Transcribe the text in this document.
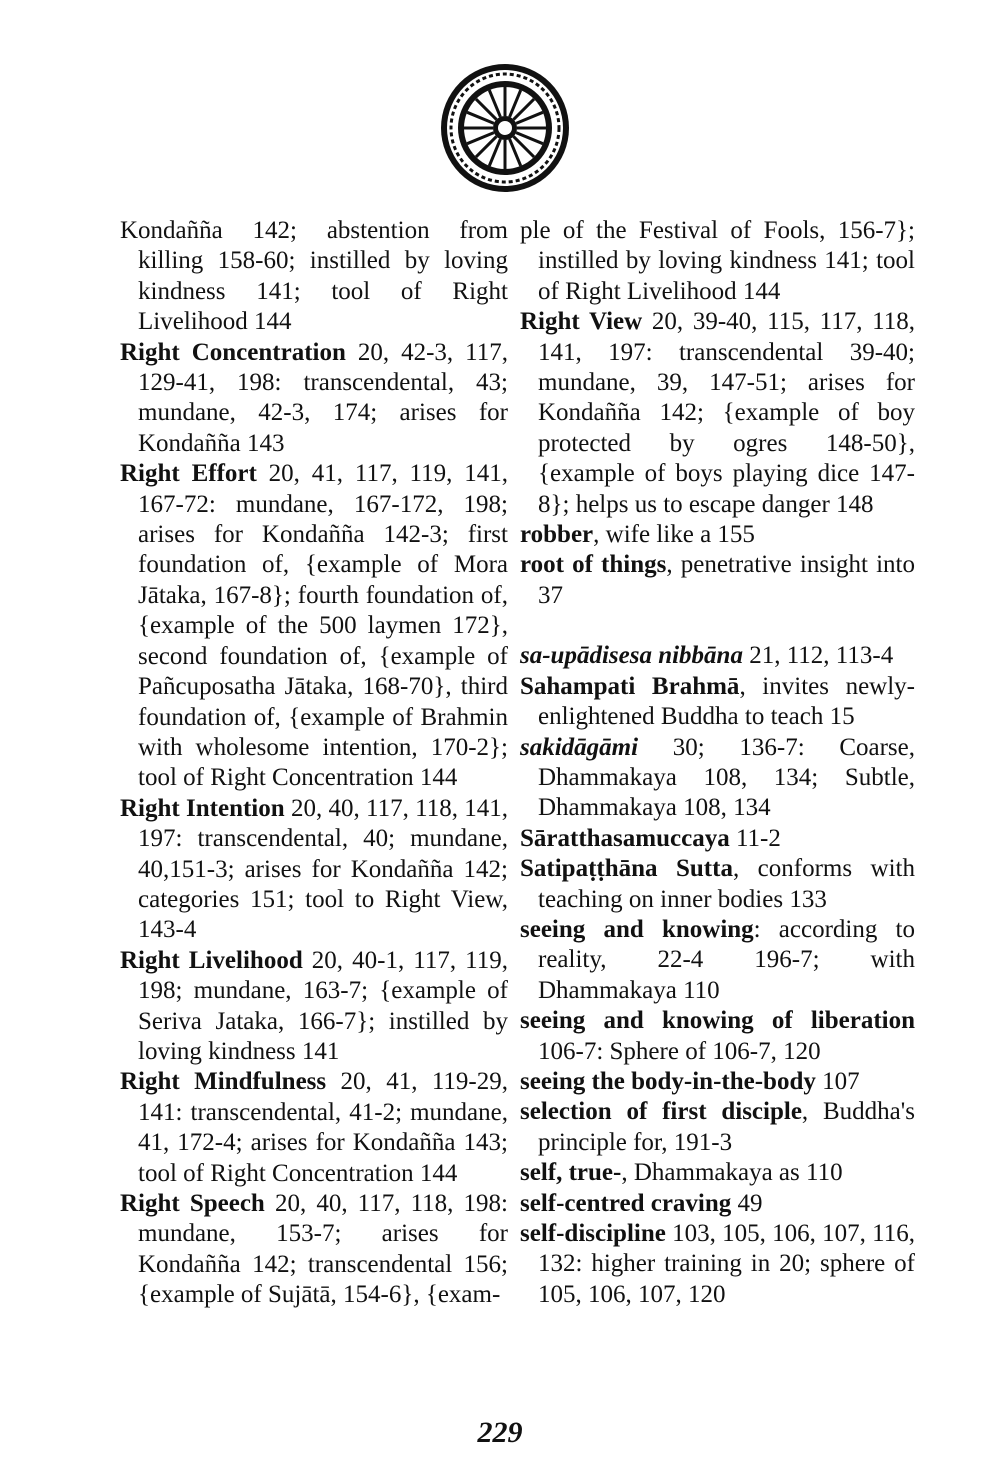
Kondañña 142; abstention from killing 158-60; instilled by loving kindness 141; tool of Right Livelihood 144

Right Concentration 20, 42-3, 117, 129-41, 198: transcendental, 43; mundane, 42-3, 174; arises for Kondañña 143

Right Effort 20, 41, 117, 119, 141, 167-72: mundane, 167-172, 198; arises for Kondañña 142-3; first foundation of, {example of Mora Jātaka, 167-8}; fourth foundation of, {example of the 500 laymen 172}, second foundation of, {example of Pañcuposatha Jātaka, 168-70}, third foundation of, {example of Brahmin with wholesome intention, 170-2}; tool of Right Concentration 144

Right Intention 20, 40, 117, 118, 141, 197: transcendental, 40; mundane, 40,151-3; arises for Kondañña 142; categories 151; tool to Right View, 143-4

Right Livelihood 20, 40-1, 117, 119, 198; mundane, 163-7; {example of Seriva Jataka, 166-7}; instilled by loving kindness 141

Right Mindfulness 20, 41, 119-29, 141: transcendental, 41-2; mundane, 41, 172-4; arises for Kondañña 143; tool of Right Concentration 144

Right Speech 20, 40, 117, 118, 198: mundane, 153-7; arises for Kondañña 142; transcendental 156; {example of Sujātā, 154-6}, {exam-

ple of the Festival of Fools, 156-7}; instilled by loving kindness 141; tool of Right Livelihood 144

Right View 20, 39-40, 115, 117, 118, 141, 197: transcendental 39-40; mundane, 39, 147-51; arises for Kondañña 142; {example of boy protected by ogres 148-50}, {example of boys playing dice 147-8}; helps us to escape danger 148

robber, wife like a 155

root of things, penetrative insight into 37

sa-upādisesa nibbāna 21, 112, 113-4

Sahampati Brahmā, invites newly-enlightened Buddha to teach 15

sakidāgāmi 30; 136-7: Coarse, Dhammakaya 108, 134; Subtle, Dhammakaya 108, 134

Sāratthasamuccaya 11-2

Satipaṭṭhāna Sutta, conforms with teaching on inner bodies 133

seeing and knowing: according to reality, 22-4 196-7; with Dhammakaya 110

seeing and knowing of liberation 106-7: Sphere of 106-7, 120

seeing the body-in-the-body 107

selection of first disciple, Buddha's principle for, 191-3

self, true-, Dhammakaya as 110

self-centred craving 49

self-discipline 103, 105, 106, 107, 116, 132: higher training in 20; sphere of 105, 106, 107, 120

229
